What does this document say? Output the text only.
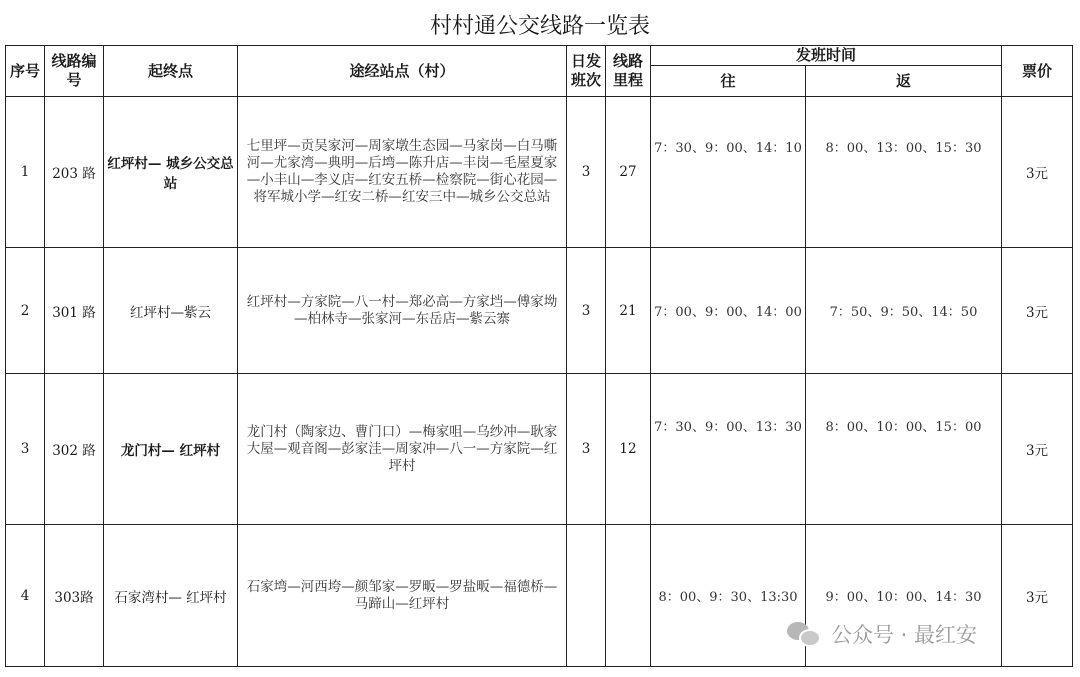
村村通公交线路一览表
序号	线路编号	起终点	途经站点（村）	日发班次	线路里程	发班时间		票价
						往	返	
1	203 路	红坪村— 城乡公交总站	七里坪—贡吴家河—周家墩生态园—马家岗—白马嘶河—尤家湾—典明—后塆—陈升店—丰岗—毛屋夏家—小丰山—李义店—红安五桥—检察院—街心花园—将军城小学—红安二桥—红安三中—城乡公交总站	3	27	7：30、9：00、14：10	8：00、13：00、15：30	3元
2	301 路	红坪村—紫云	红坪村—方家院—八一村—郑必高—方家垱—傅家坳—柏林寺—张家河—东岳店—紫云寨	3	21	7：00、9：00、14：00	7：50、9：50、14：50	3元
3	302 路	龙门村— 红坪村	龙门村（陶家边、曹门口）—梅家咀—乌纱冲—耿家大屋—观音阁—彭家洼—周家冲—八一—方家院—红坪村	3	12	7：30、9：00、13：30	8：00、10：00、15：00	3元
4	303路	石家湾村— 红坪村	石家塆—河西垮—颜邹家—罗畈—罗盐畈—福德桥—马蹄山—红坪村			8：00、9：30、13:30	9：00、10：00、14：30	3元
公众号 · 最红安
